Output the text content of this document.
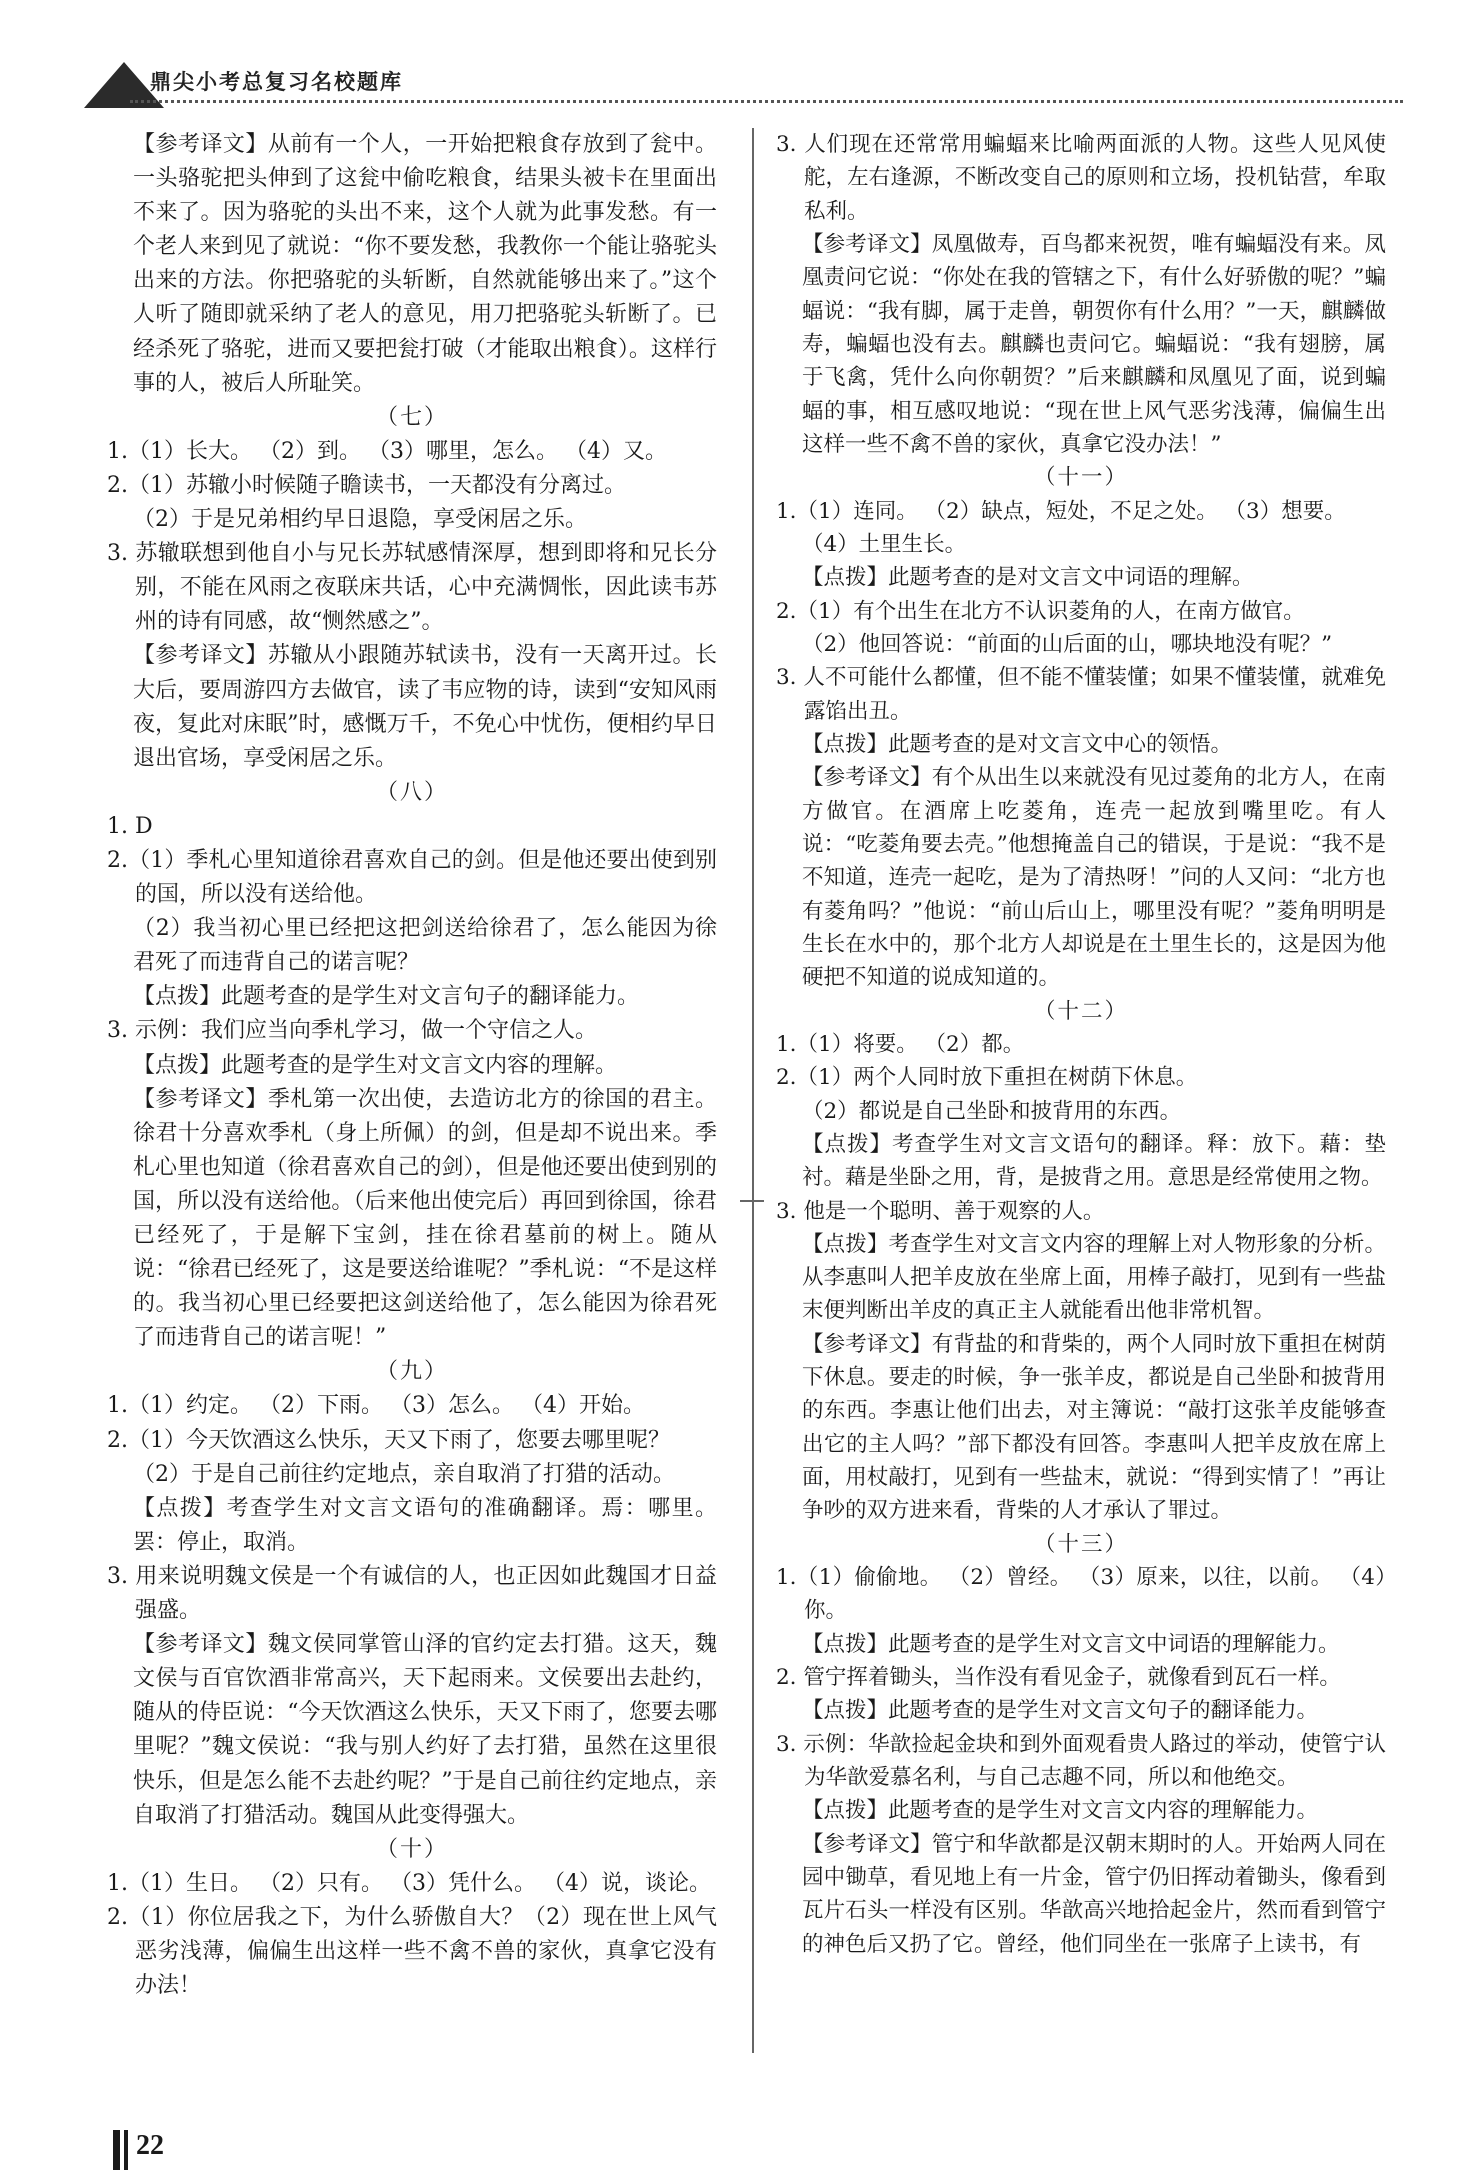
鼎尖小考总复习名校题库

【参考译文】从前有一个人，一开始把粮食存放到了瓮中。一头骆驼把头伸到了这瓮中偷吃粮食，结果头被卡在里面出不来了。因为骆驼的头出不来，这个人就为此事发愁。有一个老人来到见了就说：“你不要发愁，我教你一个能让骆驼头出来的方法。你把骆驼的头斩断，自然就能够出来了。”这个人听了随即就采纳了老人的意见，用刀把骆驼头斩断了。已经杀死了骆驼，进而又要把瓮打破（才能取出粮食）。这样行事的人，被后人所耻笑。

（七）

1.（1）长大。 （2）到。 （3）哪里，怎么。 （4）又。

2.（1）苏辙小时候随子瞻读书，一天都没有分离过。

（2）于是兄弟相约早日退隐，享受闲居之乐。

3. 苏辙联想到他自小与兄长苏轼感情深厚，想到即将和兄长分别，不能在风雨之夜联床共话，心中充满惆怅，因此读韦苏州的诗有同感，故“恻然感之”。

【参考译文】苏辙从小跟随苏轼读书，没有一天离开过。长大后，要周游四方去做官，读了韦应物的诗，读到“安知风雨夜，复此对床眠”时，感慨万千，不免心中忧伤，便相约早日退出官场，享受闲居之乐。

（八）

1. D

2.（1）季札心里知道徐君喜欢自己的剑。但是他还要出使到别的国，所以没有送给他。

（2）我当初心里已经把这把剑送给徐君了，怎么能因为徐君死了而违背自己的诺言呢？

【点拨】此题考查的是学生对文言句子的翻译能力。

3. 示例：我们应当向季札学习，做一个守信之人。

【点拨】此题考查的是学生对文言文内容的理解。

【参考译文】季札第一次出使，去造访北方的徐国的君主。徐君十分喜欢季札（身上所佩）的剑，但是却不说出来。季札心里也知道（徐君喜欢自己的剑），但是他还要出使到别的国，所以没有送给他。（后来他出使完后）再回到徐国，徐君已经死了，于是解下宝剑，挂在徐君墓前的树上。随从说：“徐君已经死了，这是要送给谁呢？”季札说：“不是这样的。我当初心里已经要把这剑送给他了，怎么能因为徐君死了而违背自己的诺言呢！”

（九）

1.（1）约定。 （2）下雨。 （3）怎么。 （4）开始。

2.（1）今天饮酒这么快乐，天又下雨了，您要去哪里呢？

（2）于是自己前往约定地点，亲自取消了打猎的活动。

【点拨】考查学生对文言文语句的准确翻译。焉：哪里。罢：停止，取消。

3. 用来说明魏文侯是一个有诚信的人，也正因如此魏国才日益强盛。

【参考译文】魏文侯同掌管山泽的官约定去打猎。这天，魏文侯与百官饮酒非常高兴，天下起雨来。文侯要出去赴约，随从的侍臣说：“今天饮酒这么快乐，天又下雨了，您要去哪里呢？”魏文侯说：“我与别人约好了去打猎，虽然在这里很快乐，但是怎么能不去赴约呢？”于是自己前往约定地点，亲自取消了打猎活动。魏国从此变得强大。

（十）

1.（1）生日。 （2）只有。 （3）凭什么。 （4）说，谈论。

2.（1）你位居我之下，为什么骄傲自大？（2）现在世上风气恶劣浅薄，偏偏生出这样一些不禽不兽的家伙，真拿它没有办法！

3. 人们现在还常常用蝙蝠来比喻两面派的人物。这些人见风使舵，左右逢源，不断改变自己的原则和立场，投机钻营，牟取私利。

【参考译文】凤凰做寿，百鸟都来祝贺，唯有蝙蝠没有来。凤凰责问它说：“你处在我的管辖之下，有什么好骄傲的呢？”蝙蝠说：“我有脚，属于走兽，朝贺你有什么用？”一天，麒麟做寿，蝙蝠也没有去。麒麟也责问它。蝙蝠说：“我有翅膀，属于飞禽，凭什么向你朝贺？”后来麒麟和凤凰见了面，说到蝙蝠的事，相互感叹地说：“现在世上风气恶劣浅薄，偏偏生出这样一些不禽不兽的家伙，真拿它没办法！”

（十一）

1.（1）连同。 （2）缺点，短处，不足之处。 （3）想要。

（4）土里生长。

【点拨】此题考查的是对文言文中词语的理解。

2.（1）有个出生在北方不认识菱角的人，在南方做官。

（2）他回答说：“前面的山后面的山，哪块地没有呢？”

3. 人不可能什么都懂，但不能不懂装懂；如果不懂装懂，就难免露馅出丑。

【点拨】此题考查的是对文言文中心的领悟。

【参考译文】有个从出生以来就没有见过菱角的北方人，在南方做官。在酒席上吃菱角，连壳一起放到嘴里吃。有人说：“吃菱角要去壳。”他想掩盖自己的错误，于是说：“我不是不知道，连壳一起吃，是为了清热呀！”问的人又问：“北方也有菱角吗？”他说：“前山后山上，哪里没有呢？”菱角明明是生长在水中的，那个北方人却说是在土里生长的，这是因为他硬把不知道的说成知道的。

（十二）

1.（1）将要。 （2）都。

2.（1）两个人同时放下重担在树荫下休息。

（2）都说是自己坐卧和披背用的东西。

【点拨】考查学生对文言文语句的翻译。释：放下。藉：垫衬。藉是坐卧之用，背，是披背之用。意思是经常使用之物。

3. 他是一个聪明、善于观察的人。

【点拨】考查学生对文言文内容的理解上对人物形象的分析。从李惠叫人把羊皮放在坐席上面，用棒子敲打，见到有一些盐末便判断出羊皮的真正主人就能看出他非常机智。

【参考译文】有背盐的和背柴的，两个人同时放下重担在树荫下休息。要走的时候，争一张羊皮，都说是自己坐卧和披背用的东西。李惠让他们出去，对主簿说：“敲打这张羊皮能够查出它的主人吗？”部下都没有回答。李惠叫人把羊皮放在席上面，用杖敲打，见到有一些盐末，就说：“得到实情了！”再让争吵的双方进来看，背柴的人才承认了罪过。

（十三）

1.（1）偷偷地。 （2）曾经。 （3）原来，以往，以前。 （4）你。

【点拨】此题考查的是学生对文言文中词语的理解能力。

2. 管宁挥着锄头，当作没有看见金子，就像看到瓦石一样。

【点拨】此题考查的是学生对文言文句子的翻译能力。

3. 示例：华歆捡起金块和到外面观看贵人路过的举动，使管宁认为华歆爱慕名利，与自己志趣不同，所以和他绝交。

【点拨】此题考查的是学生对文言文内容的理解能力。

【参考译文】管宁和华歆都是汉朝末期时的人。开始两人同在园中锄草，看见地上有一片金，管宁仍旧挥动着锄头，像看到瓦片石头一样没有区别。华歆高兴地拾起金片，然而看到管宁的神色后又扔了它。曾经，他们同坐在一张席子上读书，有

22
